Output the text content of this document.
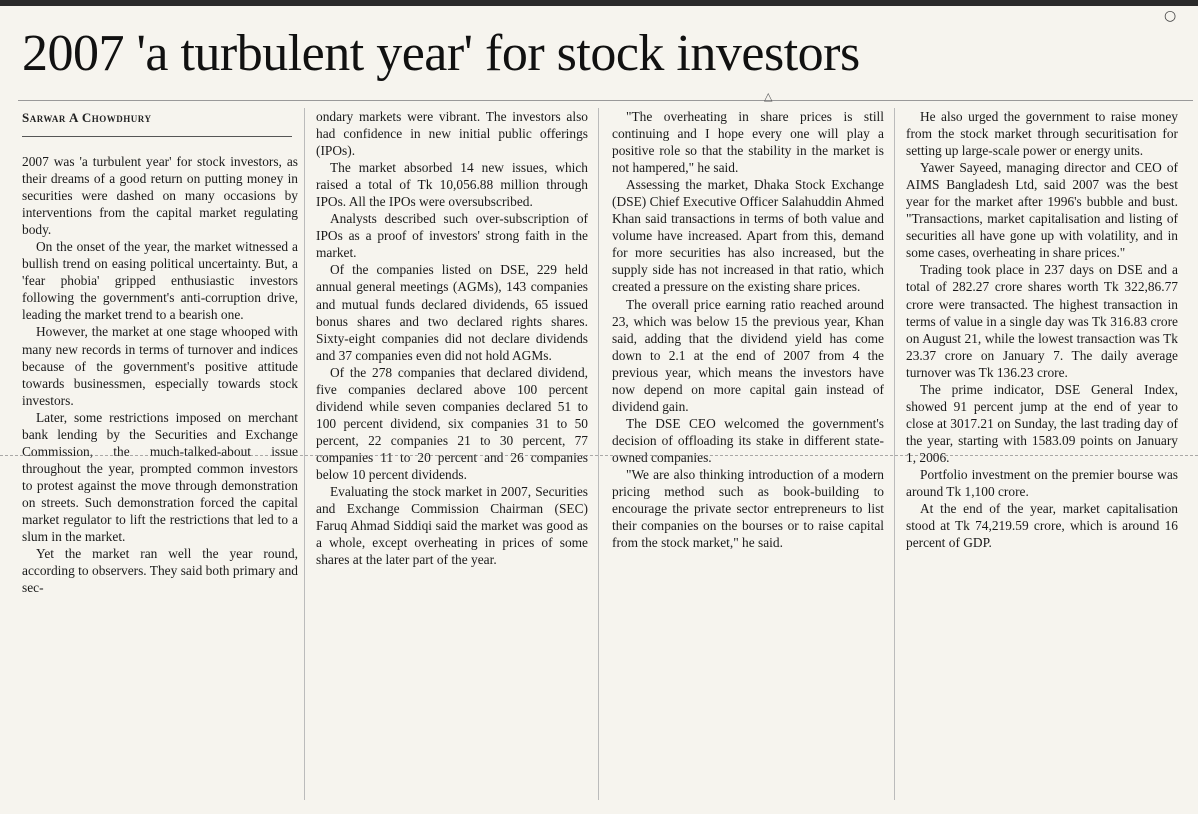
○
2007 'a turbulent year' for stock investors
△
Sarwar A Chowdhury

2007 was 'a turbulent year' for stock investors, as their dreams of a good return on putting money in securities were dashed on many occasions by interventions from the capital market regulating body.

On the onset of the year, the market witnessed a bullish trend on easing political uncertainty. But, a 'fear phobia' gripped enthusiastic investors following the government's anti-corruption drive, leading the market trend to a bearish one.

However, the market at one stage whooped with many new records in terms of turnover and indices because of the government's positive attitude towards businessmen, especially towards stock investors.

Later, some restrictions imposed on merchant bank lending by the Securities and Exchange Commission, the much-talked-about issue throughout the year, prompted common investors to protest against the move through demonstration on streets. Such demonstration forced the capital market regulator to lift the restrictions that led to a slum in the market.

Yet the market ran well the year round, according to observers. They said both primary and sec-

ondary markets were vibrant. The investors also had confidence in new initial public offerings (IPOs).

The market absorbed 14 new issues, which raised a total of Tk 10,056.88 million through IPOs. All the IPOs were oversubscribed.

Analysts described such over-subscription of IPOs as a proof of investors' strong faith in the market.

Of the companies listed on DSE, 229 held annual general meetings (AGMs), 143 companies and mutual funds declared dividends, 65 issued bonus shares and two declared rights shares. Sixty-eight companies did not declare dividends and 37 companies even did not hold AGMs.

Of the 278 companies that declared dividend, five companies declared above 100 percent dividend while seven companies declared 51 to 100 percent dividend, six companies 31 to 50 percent, 22 companies 21 to 30 percent, 77 companies 11 to 20 percent and 26 companies below 10 percent dividends.

Evaluating the stock market in 2007, Securities and Exchange Commission Chairman (SEC) Faruq Ahmad Siddiqi said the market was good as a whole, except overheating in prices of some shares at the later part of the year.

"The overheating in share prices is still continuing and I hope every one will play a positive role so that the stability in the market is not hampered," he said.

Assessing the market, Dhaka Stock Exchange (DSE) Chief Executive Officer Salahuddin Ahmed Khan said transactions in terms of both value and volume have increased. Apart from this, demand for more securities has also increased, but the supply side has not increased in that ratio, which created a pressure on the existing share prices.

The overall price earning ratio reached around 23, which was below 15 the previous year, Khan said, adding that the dividend yield has come down to 2.1 at the end of 2007 from 4 the previous year, which means the investors have now depend on more capital gain instead of dividend gain.

The DSE CEO welcomed the government's decision of offloading its stake in different state-owned companies.

"We are also thinking introduction of a modern pricing method such as book-building to encourage the private sector entrepreneurs to list their companies on the bourses or to raise capital from the stock market," he said.

He also urged the government to raise money from the stock market through securitisation for setting up large-scale power or energy units.

Yawer Sayeed, managing director and CEO of AIMS Bangladesh Ltd, said 2007 was the best year for the market after 1996's bubble and bust. "Transactions, market capitalisation and listing of securities all have gone up with volatility, and in some cases, overheating in share prices."

Trading took place in 237 days on DSE and a total of 282.27 crore shares worth Tk 322,86.77 crore were transacted. The highest transaction in terms of value in a single day was Tk 316.83 crore on August 21, while the lowest transaction was Tk 23.37 crore on January 7. The daily average turnover was Tk 136.23 crore.

The prime indicator, DSE General Index, showed 91 percent jump at the end of year to close at 3017.21 on Sunday, the last trading day of the year, starting with 1583.09 points on January 1, 2006.

Portfolio investment on the premier bourse was around Tk 1,100 crore.

At the end of the year, market capitalisation stood at Tk 74,219.59 crore, which is around 16 percent of GDP.
